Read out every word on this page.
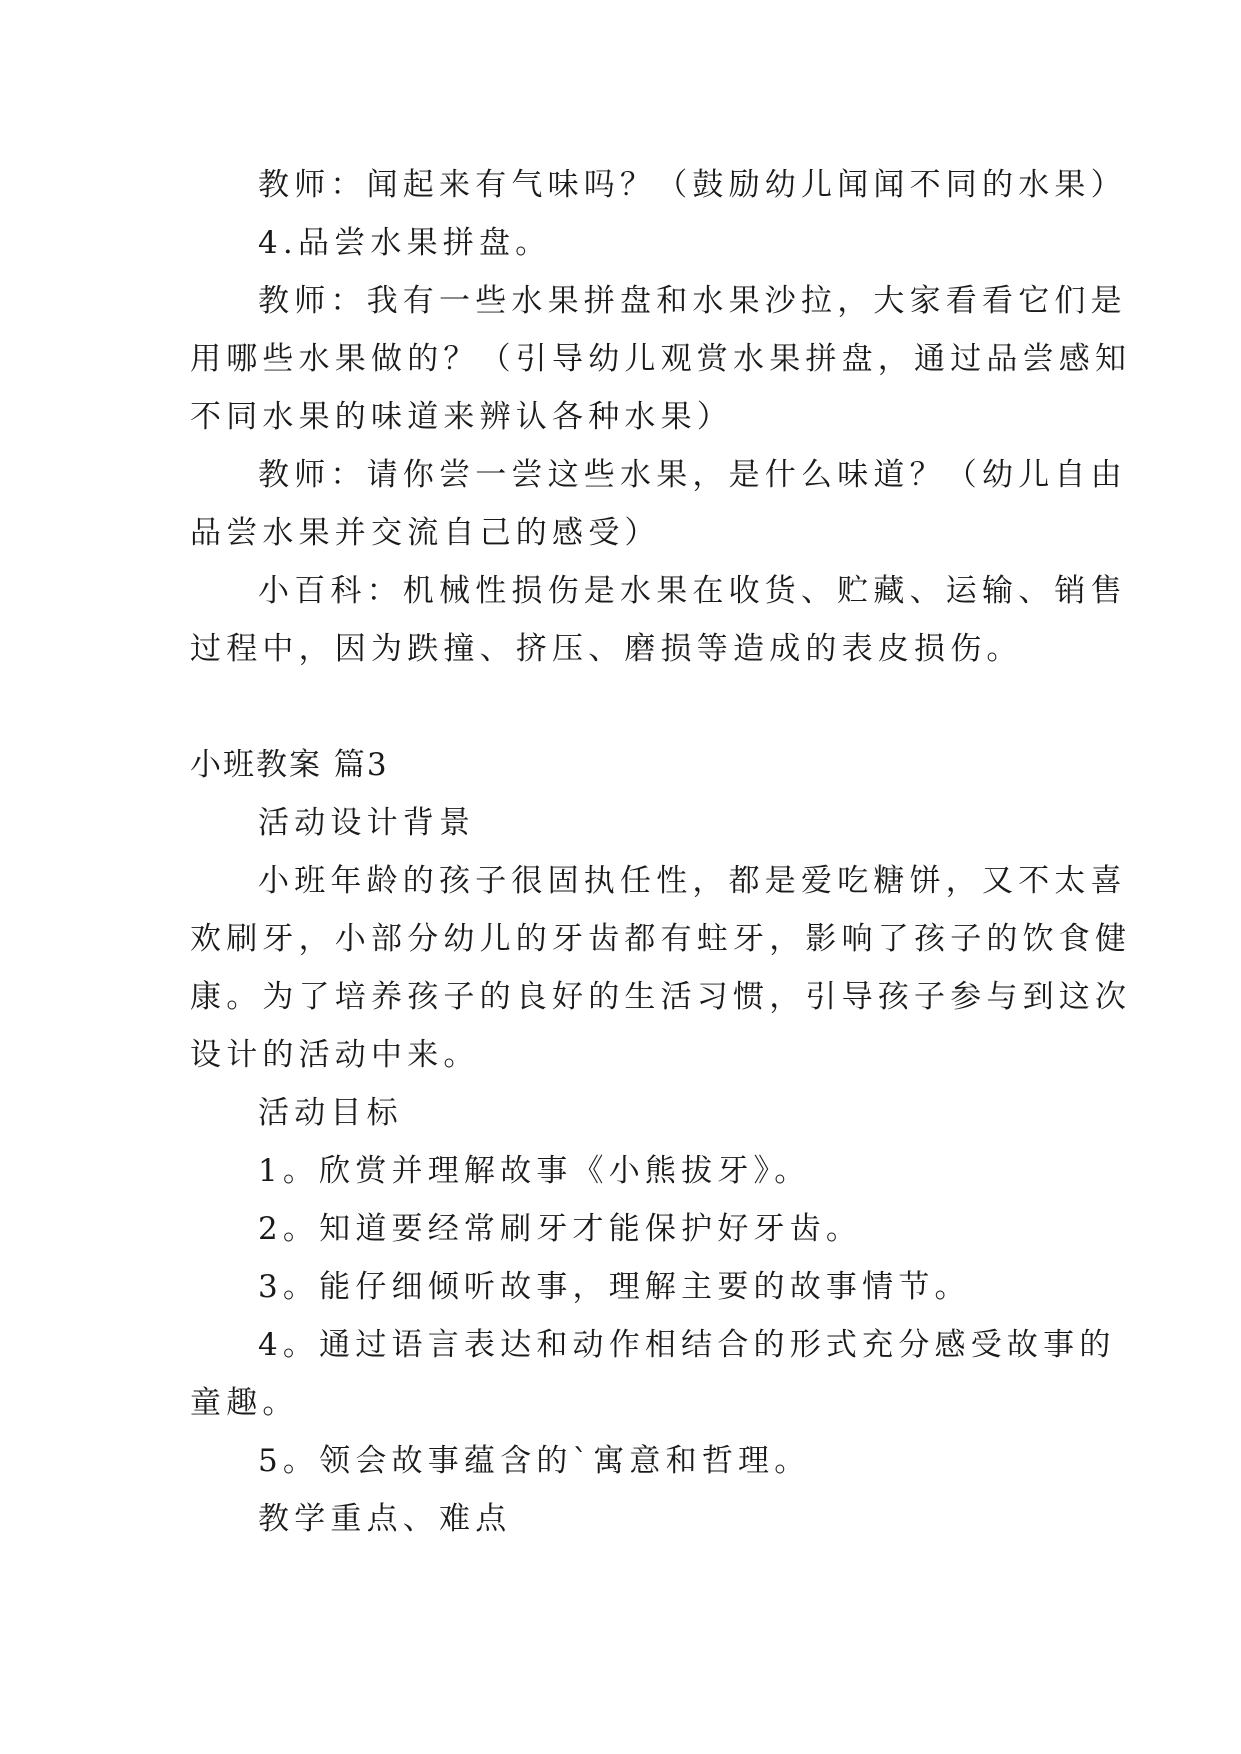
教师：闻起来有气味吗？（鼓励幼儿闻闻不同的水果）
4.品尝水果拼盘。
教师：我有一些水果拼盘和水果沙拉，大家看看它们是
用哪些水果做的？（引导幼儿观赏水果拼盘，通过品尝感知
不同水果的味道来辨认各种水果）
教师：请你尝一尝这些水果，是什么味道？（幼儿自由
品尝水果并交流自己的感受）
小百科：机械性损伤是水果在收货、贮藏、运输、销售
过程中，因为跌撞、挤压、磨损等造成的表皮损伤。
小班教案 篇3
活动设计背景
小班年龄的孩子很固执任性，都是爱吃糖饼，又不太喜
欢刷牙，小部分幼儿的牙齿都有蛀牙，影响了孩子的饮食健
康。为了培养孩子的良好的生活习惯，引导孩子参与到这次
设计的活动中来。
活动目标
1。欣赏并理解故事《小熊拔牙》。
2。知道要经常刷牙才能保护好牙齿。
3。能仔细倾听故事，理解主要的故事情节。
4。通过语言表达和动作相结合的形式充分感受故事的
童趣。
5。领会故事蕴含的`寓意和哲理。
教学重点、难点
